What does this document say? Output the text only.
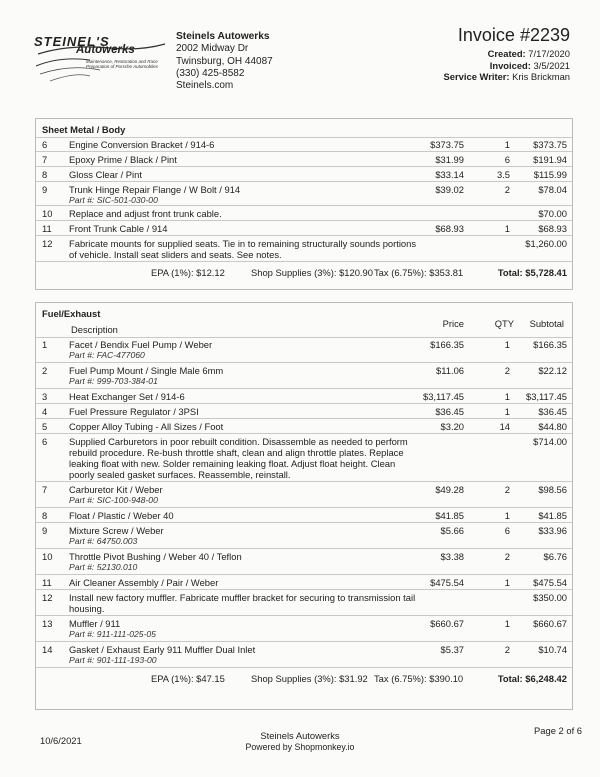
STEINEL'S
Autowerks
Maintenance, Restoration and Race Preparation of Porsche Automobiles
Steinels Autowerks
2002 Midway Dr
Twinsburg, OH 44087
(330) 425-8582
Steinels.com
Invoice #2239
Created: 7/17/2020
Invoiced: 3/5/2021
Service Writer: Kris Brickman
Sheet Metal / Body
6 Engine Conversion Bracket / 914-6	$373.75	1 $373.75
7 Epoxy Prime / Black / Pint	$31.99	6 $191.94
8 Gloss Clear / Pint	$33.14	3.5	$115.99
9 Trunk Hinge Repair Flange / W Bolt / 914
Part #: SIC-501-030-00
$39.02	2	$78.04
10 Replace and adjust front trunk cable.	$70.00
11 Front Trunk Cable / 914	$68.93	1	$68.93
12 Fabricate mounts for supplied seats. Tie in to remaining structurally sounds portions of vehicle. Install seat sliders and seats. See notes.
$1,260.00
EPA (1%): $12.12	Shop Supplies (3%): $120.90 Tax (6.75%): $353.81	Total: $5,728.41
Fuel/Exhaust
Description
Price	QTY Subtotal
1 Facet / Bendix Fuel Pump / Weber
Part #: FAC-477060
$166.35	1 $166.35
2 Fuel Pump Mount / Single Male 6mm
Part #: 999-703-384-01
$11.06	2	$22.12
3 Heat Exchanger Set / 914-6	$3,117.45	1 $3,117.45
4 Fuel Pressure Regulator / 3PSI	$36.45	1	$36.45
5 Copper Alloy Tubing - All Sizes / Foot	$3.20	14	$44.80
6 Supplied Carburetors in poor rebuilt condition. Disassemble as needed to perform rebuild procedure. Re-bush throttle shaft, clean and align throttle plates. Replace leaking float with new. Solder remaining leaking float. Adjust float height. Clean poorly sealed gasket surfaces. Reassemble, reinstall.
$714.00
7 Carburetor Kit / Weber
Part #: SIC-100-948-00
$49.28	2	$98.56
8 Float / Plastic / Weber 40	$41.85	1	$41.85
9 Mixture Screw / Weber
Part #: 64750.003
$5.66	6	$33.96
10 Throttle Pivot Bushing / Weber 40 / Teflon
Part #: 52130.010
$3.38	2	$6.76
11 Air Cleaner Assembly / Pair / Weber	$475.54	1 $475.54
12 Install new factory muffler. Fabricate muffler bracket for securing to transmission tail housing.
$350.00
13 Muffler / 911
Part #: 911-111-025-05
$660.67	1 $660.67
14 Gasket / Exhaust Early 911 Muffler Dual Inlet
Part #: 901-111-193-00
$5.37	2	$10.74
EPA (1%): $47.15	Shop Supplies (3%): $31.92 Tax (6.75%): $390.10	Total: $6,248.42
10/6/2021	Steinels Autowerks
Powered by Shopmonkey.io
Page 2 of 6
